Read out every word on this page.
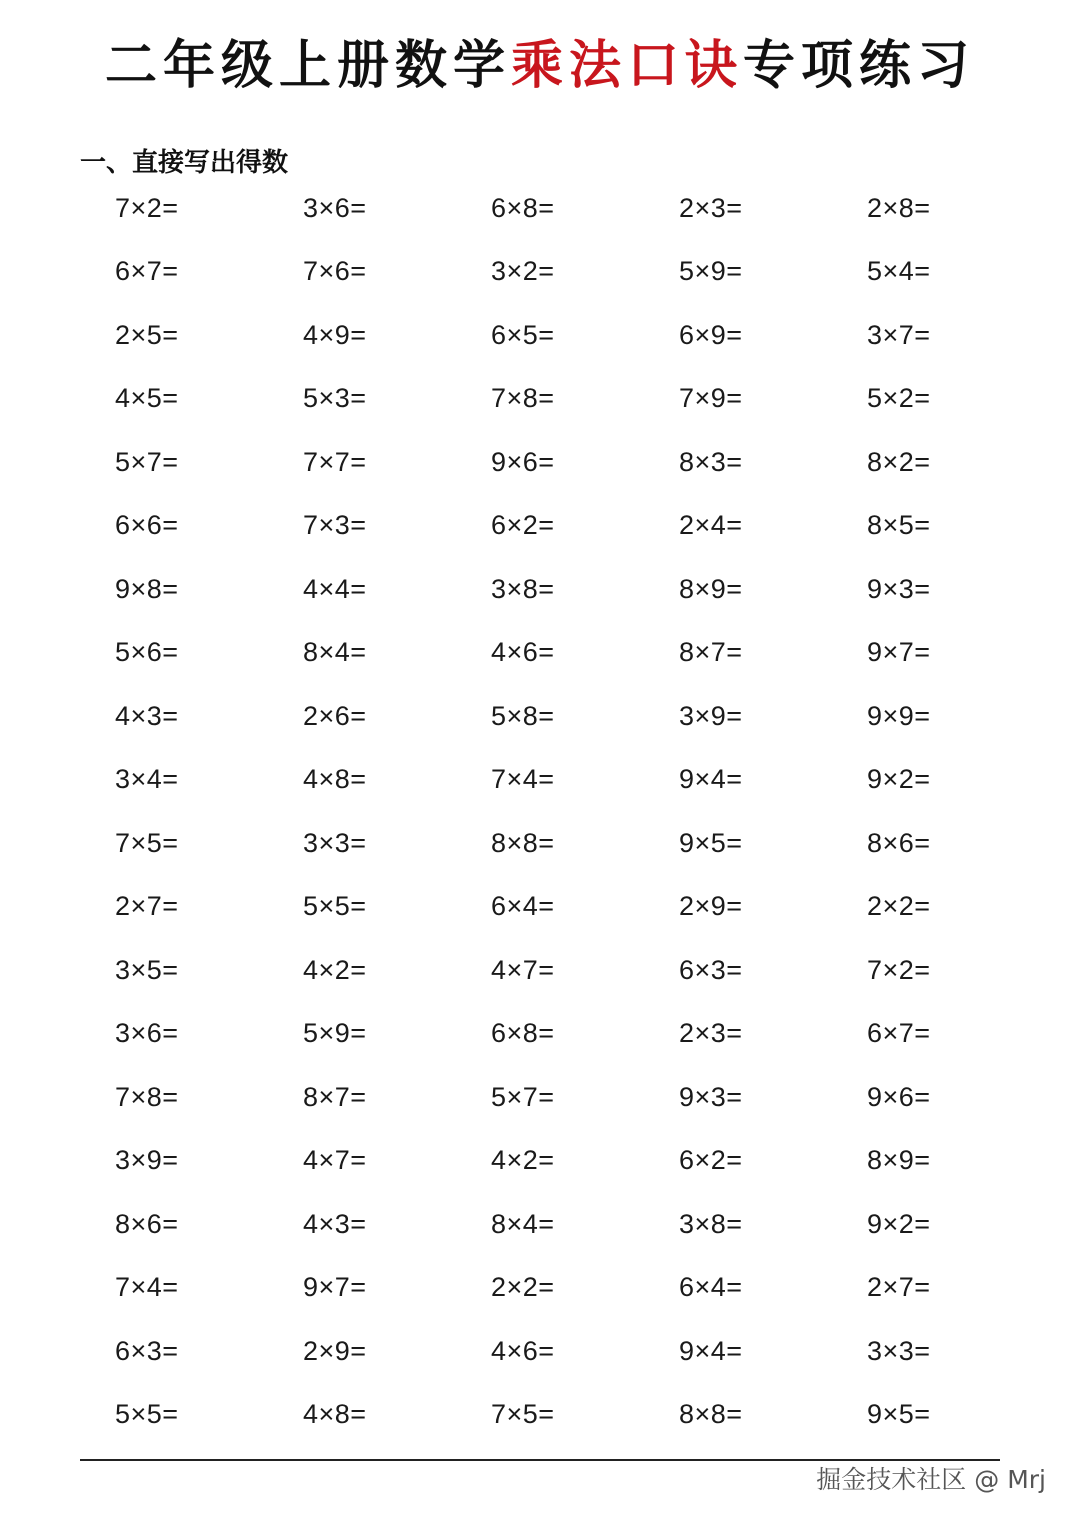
二年级上册数学乘法口诀专项练习
一、直接写出得数
7×2=	3×6=	6×8=	2×3=	2×8=
6×7=	7×6=	3×2=	5×9=	5×4=
2×5=	4×9=	6×5=	6×9=	3×7=
4×5=	5×3=	7×8=	7×9=	5×2=
5×7=	7×7=	9×6=	8×3=	8×2=
6×6=	7×3=	6×2=	2×4=	8×5=
9×8=	4×4=	3×8=	8×9=	9×3=
5×6=	8×4=	4×6=	8×7=	9×7=
4×3=	2×6=	5×8=	3×9=	9×9=
3×4=	4×8=	7×4=	9×4=	9×2=
7×5=	3×3=	8×8=	9×5=	8×6=
2×7=	5×5=	6×4=	2×9=	2×2=
3×5=	4×2=	4×7=	6×3=	7×2=
3×6=	5×9=	6×8=	2×3=	6×7=
7×8=	8×7=	5×7=	9×3=	9×6=
3×9=	4×7=	4×2=	6×2=	8×9=
8×6=	4×3=	8×4=	3×8=	9×2=
7×4=	9×7=	2×2=	6×4=	2×7=
6×3=	2×9=	4×6=	9×4=	3×3=
5×5=	4×8=	7×5=	8×8=	9×5=
掘金技术社区 @ Mrj
